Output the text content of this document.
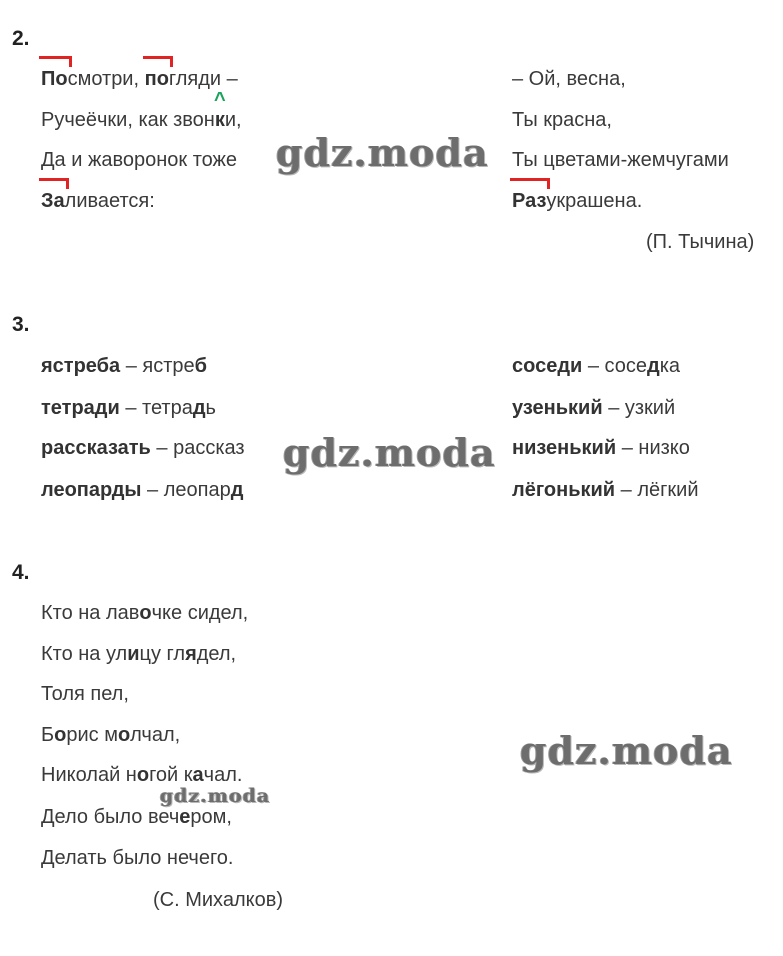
2.
Посмотри, погляди –
Ручеёчки, как звон
^
ки,
Да и жаворонок тоже
Заливается:
– Ой, весна,
Ты красна,
Ты цветами-жемчугами
Разукрашена.
(П. Тычина)
3.
ястреба – ястреб
тетради – тетрадь
рассказать – рассказ
леопарды – леопард
соседи – соседка
узенький – узкий
низенький – низко
лёгонький – лёгкий
4.
Кто на лавочке сидел,
Кто на улицу глядел,
Толя пел,
Борис молчал,
Николай ногой качал.
Дело было вечером,
Делать было нечего.
(С. Михалков)
gdz.moda
gdz.moda
gdz.moda
gdz.moda
